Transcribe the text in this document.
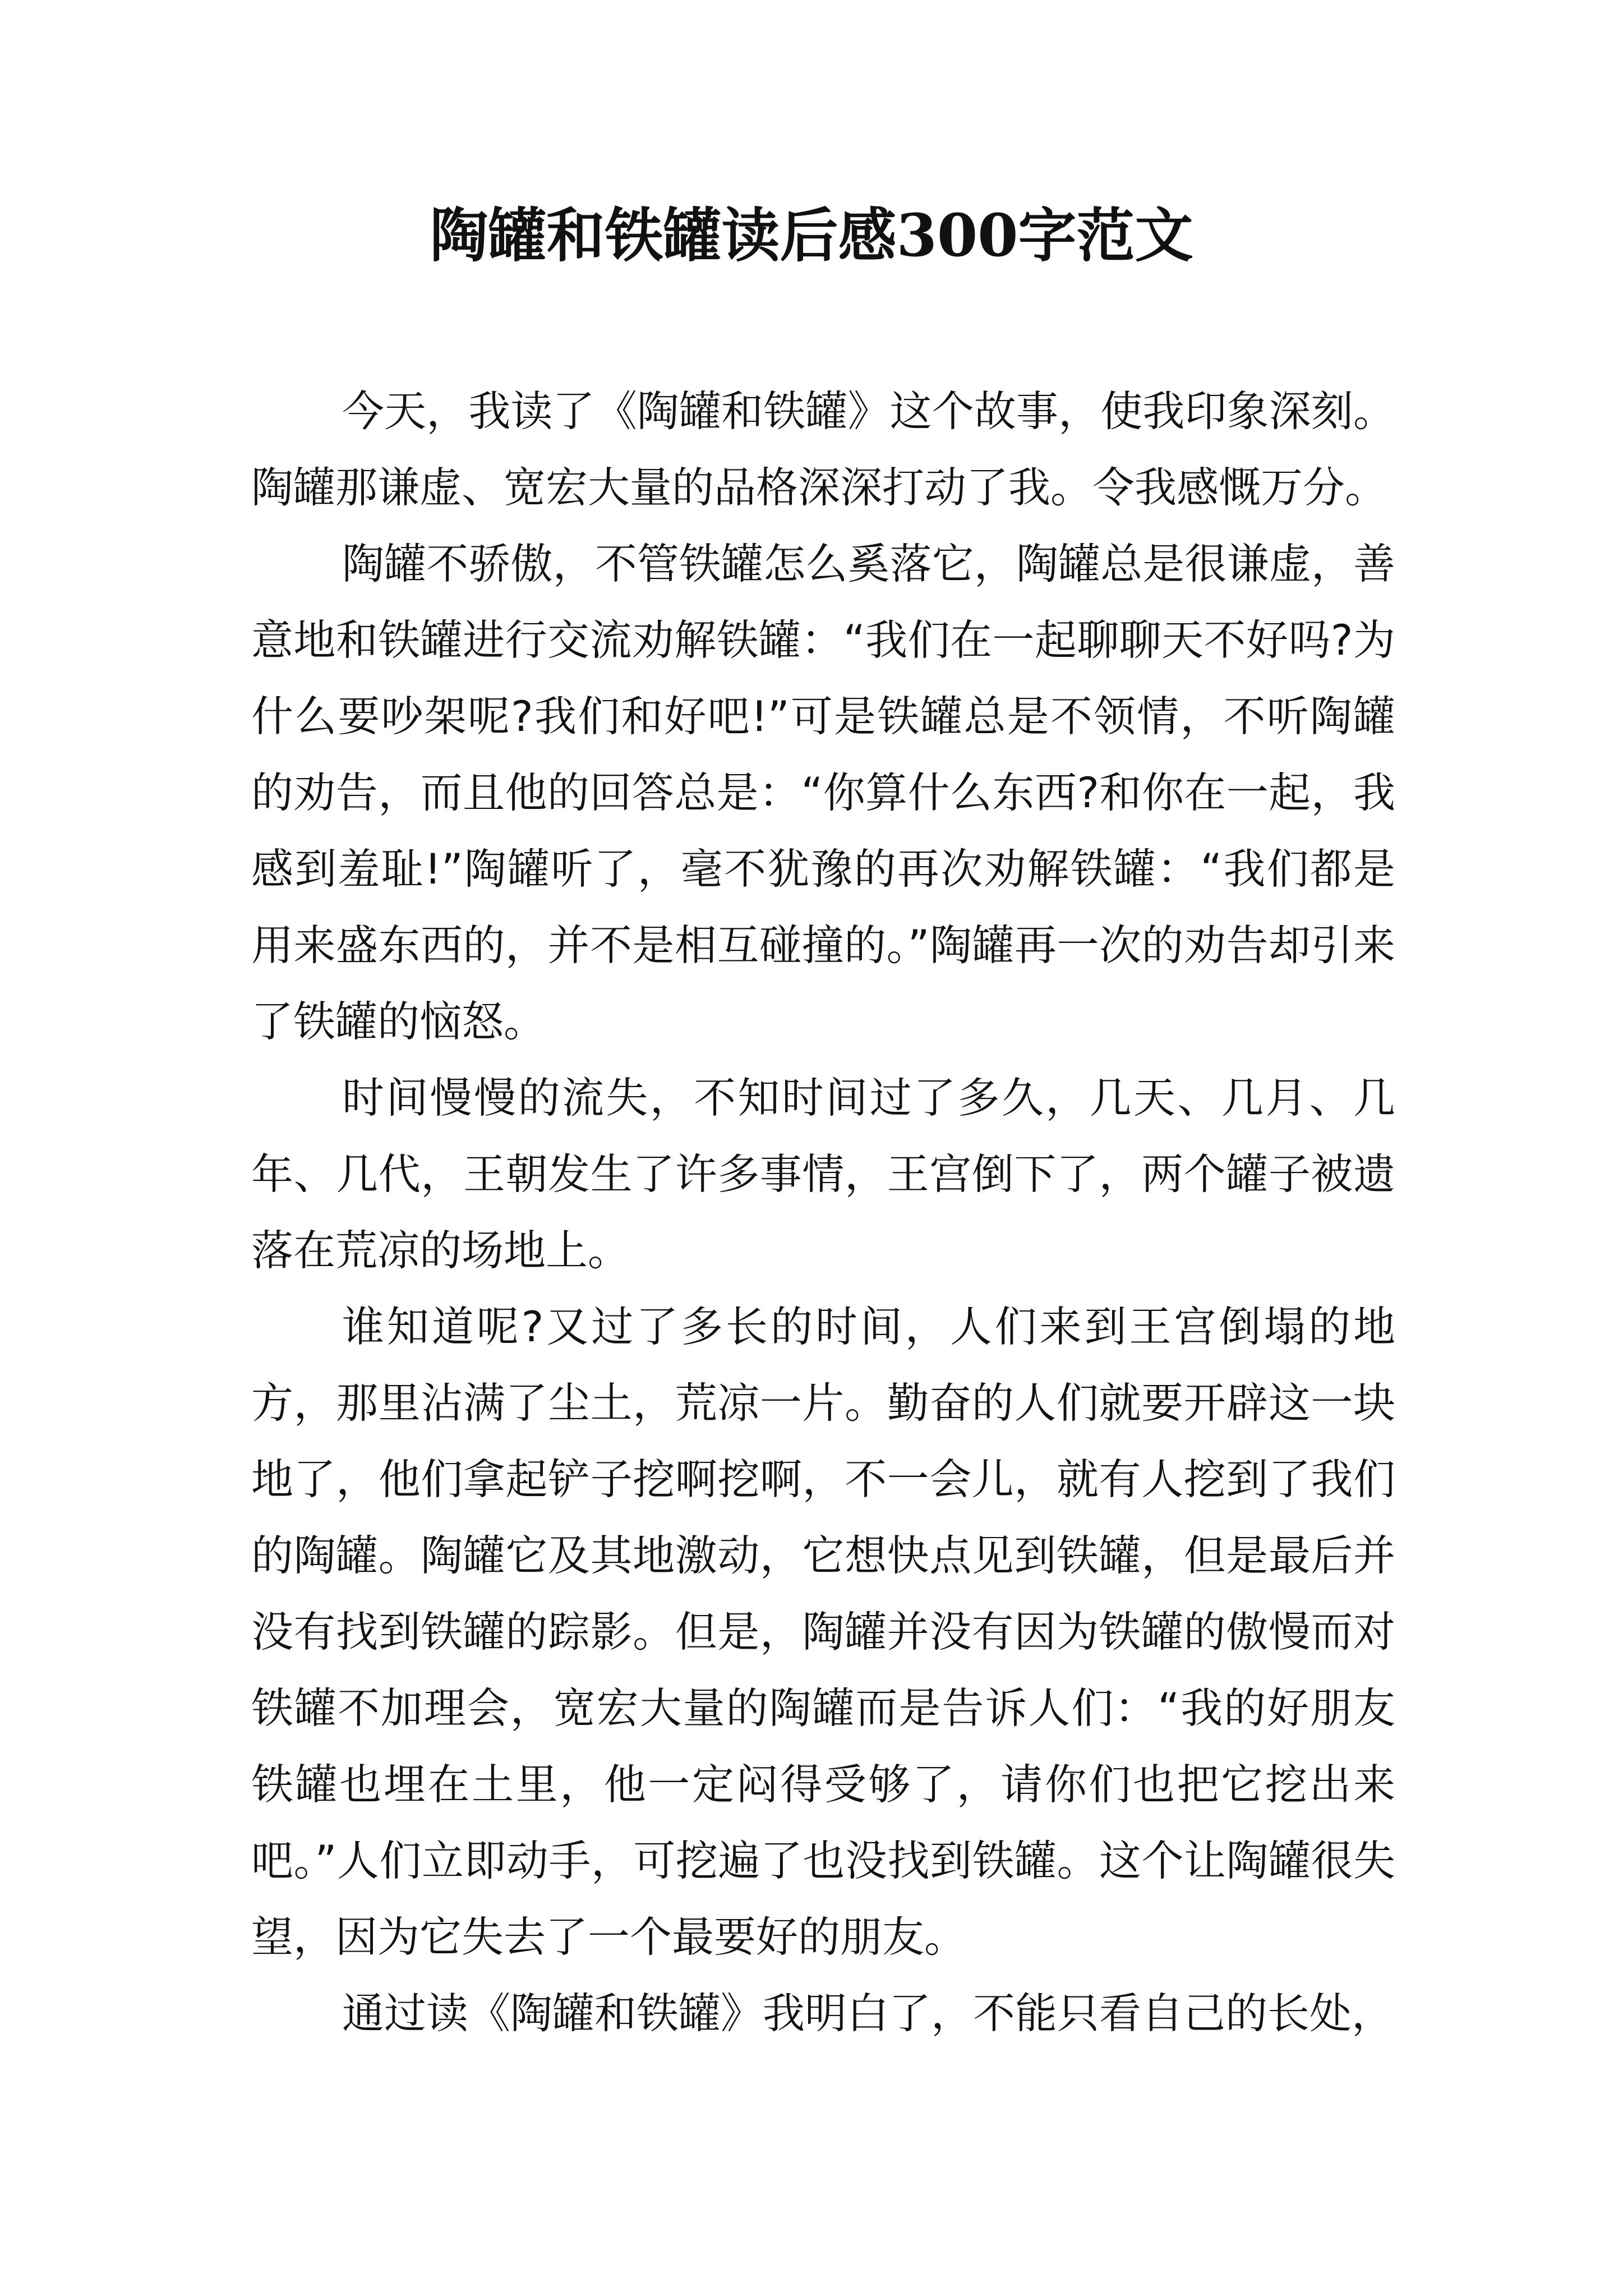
陶罐和铁罐读后感300字范文

今天，我读了《陶罐和铁罐》这个故事，使我印象深刻。陶罐那谦虚、宽宏大量的品格深深打动了我。令我感慨万分。

陶罐不骄傲，不管铁罐怎么奚落它，陶罐总是很谦虚，善意地和铁罐进行交流劝解铁罐：“我们在一起聊聊天不好吗?为什么要吵架呢?我们和好吧!”可是铁罐总是不领情，不听陶罐的劝告，而且他的回答总是：“你算什么东西?和你在一起，我感到羞耻!”陶罐听了，毫不犹豫的再次劝解铁罐：“我们都是用来盛东西的，并不是相互碰撞的。”陶罐再一次的劝告却引来了铁罐的恼怒。

时间慢慢的流失，不知时间过了多久，几天、几月、几年、几代，王朝发生了许多事情，王宫倒下了，两个罐子被遗落在荒凉的场地上。

谁知道呢?又过了多长的时间，人们来到王宫倒塌的地方，那里沾满了尘土，荒凉一片。勤奋的人们就要开辟这一块地了，他们拿起铲子挖啊挖啊，不一会儿，就有人挖到了我们的陶罐。陶罐它及其地激动，它想快点见到铁罐，但是最后并没有找到铁罐的踪影。但是，陶罐并没有因为铁罐的傲慢而对铁罐不加理会，宽宏大量的陶罐而是告诉人们：“我的好朋友铁罐也埋在土里，他一定闷得受够了，请你们也把它挖出来吧。”人们立即动手，可挖遍了也没找到铁罐。这个让陶罐很失望，因为它失去了一个最要好的朋友。

通过读《陶罐和铁罐》我明白了，不能只看自己的长处，
